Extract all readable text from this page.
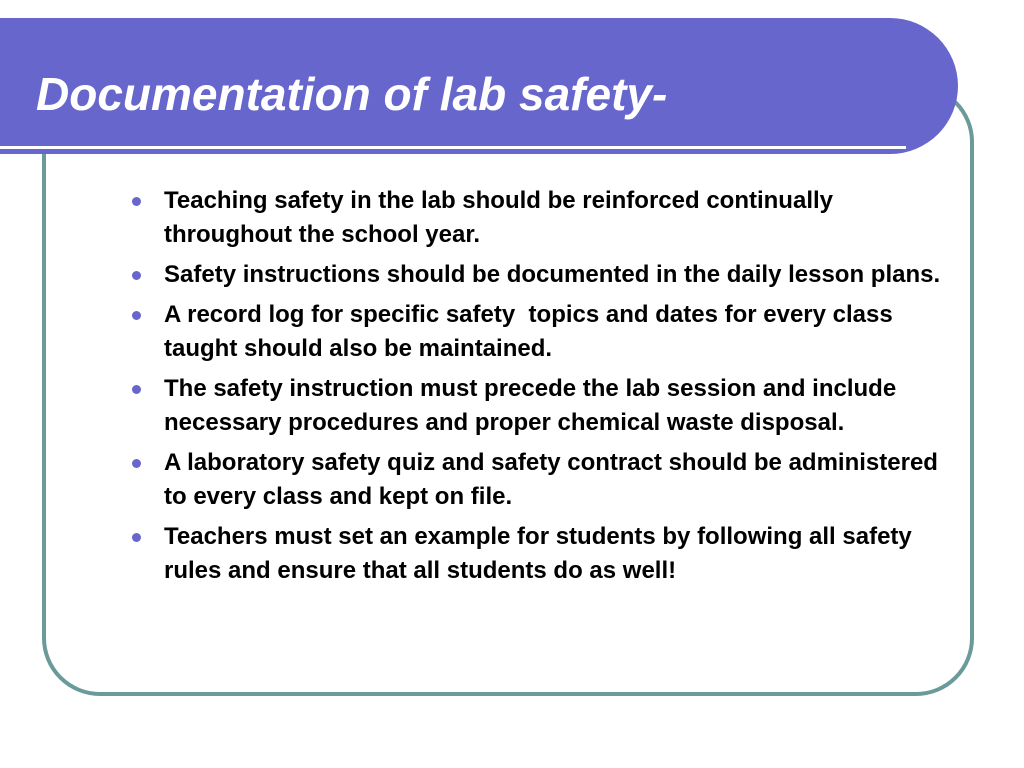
Documentation of lab safety-
Teaching safety in the lab should be reinforced continually throughout the school year.
Safety instructions should be documented in the daily lesson plans.
A record log for specific safety  topics and dates for every class taught should also be maintained.
The safety instruction must precede the lab session and include necessary procedures and proper chemical waste disposal.
A laboratory safety quiz and safety contract should be administered to every class and kept on file.
Teachers must set an example for students by following all safety rules and ensure that all students do as well!
